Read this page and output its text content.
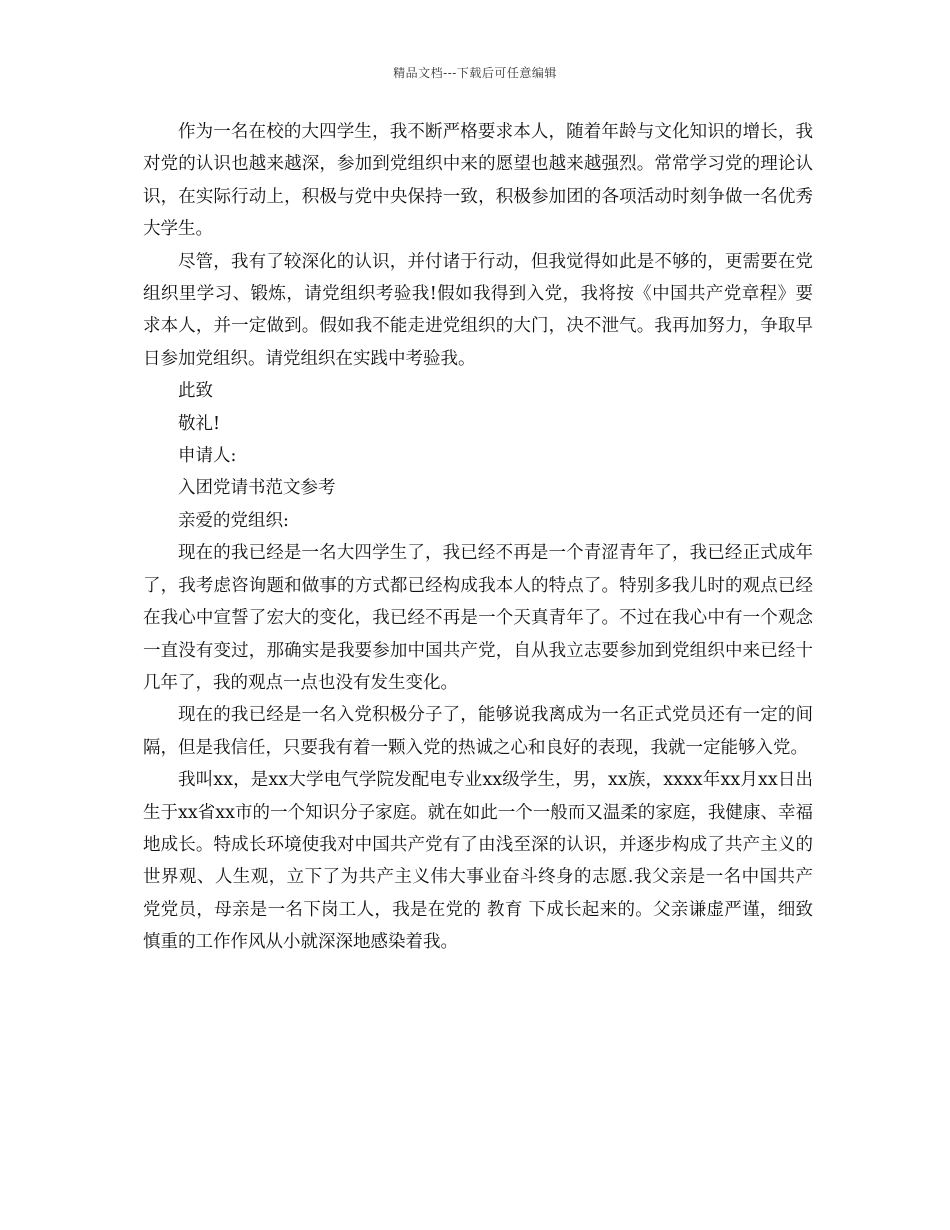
精品文档---下载后可任意编辑

作为一名在校的大四学生，我不断严格要求本人，随着年龄与文化知识的增长，我对党的认识也越来越深，参加到党组织中来的愿望也越来越强烈。常常学习党的理论认识，在实际行动上，积极与党中央保持一致，积极参加团的各项活动时刻争做一名优秀大学生。

尽管，我有了较深化的认识，并付诸于行动，但我觉得如此是不够的，更需要在党组织里学习、锻炼，请党组织考验我!假如我得到入党，我将按《中国共产党章程》要求本人，并一定做到。假如我不能走进党组织的大门，决不泄气。我再加努力，争取早日参加党组织。请党组织在实践中考验我。

此致

敬礼!

申请人:

入团党请书范文参考

亲爱的党组织:

现在的我已经是一名大四学生了，我已经不再是一个青涩青年了，我已经正式成年了，我考虑咨询题和做事的方式都已经构成我本人的特点了。特别多我儿时的观点已经在我心中宣誓了宏大的变化，我已经不再是一个天真青年了。不过在我心中有一个观念一直没有变过，那确实是我要参加中国共产党，自从我立志要参加到党组织中来已经十几年了，我的观点一点也没有发生变化。

现在的我已经是一名入党积极分子了，能够说我离成为一名正式党员还有一定的间隔，但是我信任，只要我有着一颗入党的热诚之心和良好的表现，我就一定能够入党。

我叫xx，是xx大学电气学院发配电专业xx级学生，男，xx族，xxxx年xx月xx日出生于xx省xx市的一个知识分子家庭。就在如此一个一般而又温柔的家庭，我健康、幸福地成长。特成长环境使我对中国共产党有了由浅至深的认识，并逐步构成了共产主义的世界观、人生观，立下了为共产主义伟大事业奋斗终身的志愿.我父亲是一名中国共产党党员，母亲是一名下岗工人，我是在党的 教育 下成长起来的。父亲谦虚严谨，细致慎重的工作作风从小就深深地感染着我。
